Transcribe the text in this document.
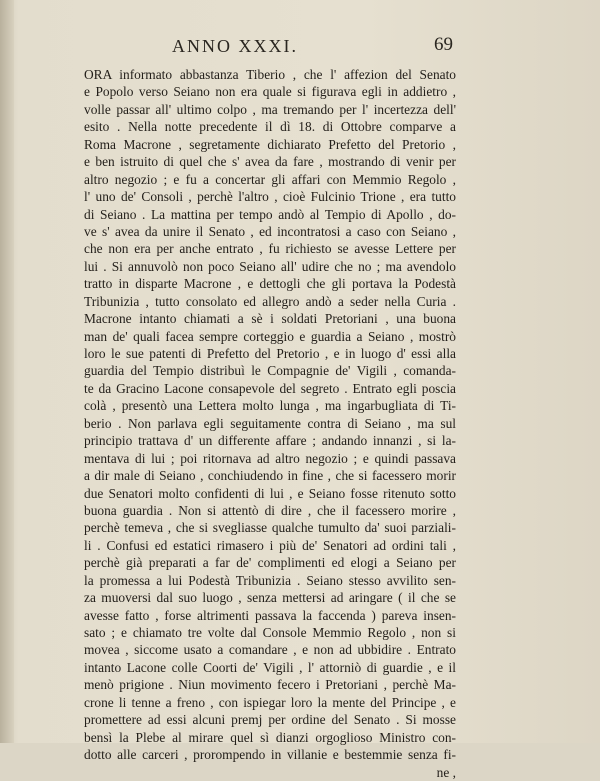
ANNO XXXI.	69
ORA informato abbastanza Tiberio , che l' affezion del Senato
e Popolo verso Seiano non era quale si figurava egli in addietro ,
volle passar all' ultimo colpo , ma tremando per l' incertezza dell'
esito . Nella notte precedente il dì 18. di Ottobre comparve a
Roma Macrone , segretamente dichiarato Prefetto del Pretorio ,
e ben istruito di quel che s' avea da fare , mostrando di venir per
altro negozio ; e fu a concertar gli affari con Memmio Regolo ,
l' uno de' Consoli , perchè l'altro , cioè Fulcinio Trione , era tutto
di Seiano . La mattina per tempo andò al Tempio di Apollo , do-
ve s' avea da unire il Senato , ed incontratosi a caso con Seiano ,
che non era per anche entrato , fu richiesto se avesse Lettere per
lui . Si annuvolò non poco Seiano all' udire che no ; ma avendolo
tratto in disparte Macrone , e dettogli che gli portava la Podestà
Tribunizia , tutto consolato ed allegro andò a seder nella Curia .
Macrone intanto chiamati a sè i soldati Pretoriani , una buona
man de' quali facea sempre corteggio e guardia a Seiano , mostrò
loro le sue patenti di Prefetto del Pretorio , e in luogo d' essi alla
guardia del Tempio distribuì le Compagnie de' Vigili , comanda-
te da Gracino Lacone consapevole del segreto . Entrato egli poscia
colà , presentò una Lettera molto lunga , ma ingarbugliata di Ti-
berio . Non parlava egli seguitamente contra di Seiano , ma sul
principio trattava d' un differente affare ; andando innanzi , si la-
mentava di lui ; poi ritornava ad altro negozio ; e quindi passava
a dir male di Seiano , conchiudendo in fine , che si facessero morir
due Senatori molto confidenti di lui , e Seiano fosse ritenuto sotto
buona guardia . Non si attentò di dire , che il facessero morire ,
perchè temeva , che si svegliasse qualche tumulto da' suoi parziali-
li . Confusi ed estatici rimasero i più de' Senatori ad ordini tali ,
perchè già preparati a far de' complimenti ed elogi a Seiano per
la promessa a lui Podestà Tribunizia . Seiano stesso avvilito sen-
za muoversi dal suo luogo , senza mettersi ad aringare ( il che se
avesse fatto , forse altrimenti passava la faccenda ) pareva insen-
sato ; e chiamato tre volte dal Console Memmio Regolo , non si
movea , siccome usato a comandare , e non ad ubbidire . Entrato
intanto Lacone colle Coorti de' Vigili , l' attorniò di guardie , e il
menò prigione . Niun movimento fecero i Pretoriani , perchè Ma-
crone li tenne a freno , con ispiegar loro la mente del Principe , e
promettere ad essi alcuni premj per ordine del Senato . Si mosse
bensì la Plebe al mirare quel sì dianzi orgoglioso Ministro con-
dotto alle carceri , prorompendo in villanie e bestemmie senza fi-
ne ,
